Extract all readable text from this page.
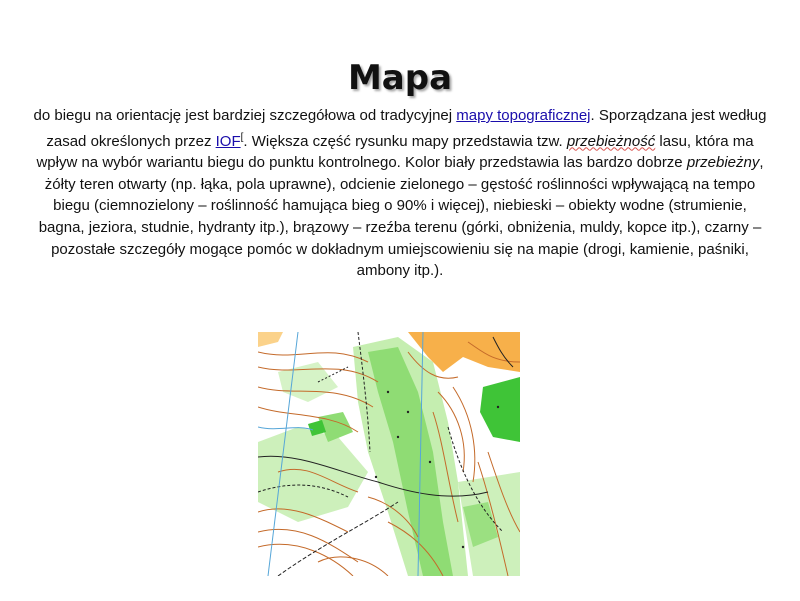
Mapa
do biegu na orientację jest bardziej szczegółowa od tradycyjnej mapy topograficznej. Sporządzana jest według zasad określonych przez IOF[. Większa część rysunku mapy przedstawia tzw. przebieżność lasu, która ma wpływ na wybór wariantu biegu do punktu kontrolnego. Kolor biały przedstawia las bardzo dobrze przebieżny, żółty teren otwarty (np. łąka, pola uprawne), odcienie zielonego – gęstość roślinności wpływającą na tempo biegu (ciemnozielony – roślinność hamująca bieg o 90% i więcej), niebieski – obiekty wodne (strumienie, bagna, jeziora, studnie, hydranty itp.), brązowy – rzeźba terenu (górki, obniżenia, muldy, kopce itp.), czarny – pozostałe szczegóły mogące pomóc w dokładnym umiejscowieniu się na mapie (drogi, kamienie, paśniki, ambony itp.).
